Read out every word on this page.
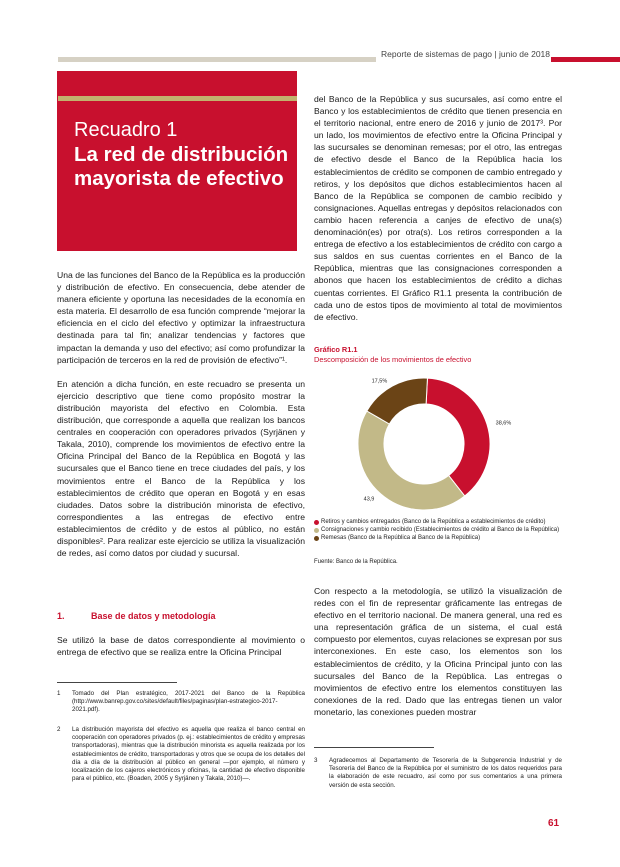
Reporte de sistemas de pago | junio de 2018
Recuadro 1
La red de distribución mayorista de efectivo

Una de las funciones del Banco de la República es la producción y distribución de efectivo. En consecuencia, debe atender de manera eficiente y oportuna las necesidades de la economía en esta materia. El desarrollo de esa función comprende “mejorar la eficiencia en el ciclo del efectivo y optimizar la infraestructura destinada para tal fin; analizar tendencias y factores que impactan la demanda y uso del efectivo; así como profundizar la participación de terceros en la red de provisión de efectivo”¹.

En atención a dicha función, en este recuadro se presenta un ejercicio descriptivo que tiene como propósito mostrar la distribución mayorista del efectivo en Colombia. Esta distribución, que corresponde a aquella que realizan los bancos centrales en cooperación con operadores privados (Syrjänen y Takala, 2010), comprende los movimientos de efectivo entre la Oficina Principal del Banco de la República en Bogotá y las sucursales que el Banco tiene en trece ciudades del país, y los movimientos entre el Banco de la República y los establecimientos de crédito que operan en Bogotá y en esas ciudades. Datos sobre la distribución minorista de efectivo, correspondientes a las entregas de efectivo entre establecimientos de crédito y de estos al público, no están disponibles². Para realizar este ejercicio se utiliza la visualización de redes, así como datos por ciudad y sucursal.

1.	Base de datos y metodología

Se utilizó la base de datos correspondiente al movimiento o entrega de efectivo que se realiza entre la Oficina Principal

del Banco de la República y sus sucursales, así como entre el Banco y los establecimientos de crédito que tienen presencia en el territorio nacional, entre enero de 2016 y junio de 2017³. Por un lado, los movimientos de efectivo entre la Oficina Principal y las sucursales se denominan remesas; por el otro, las entregas de efectivo desde el Banco de la República hacia los establecimientos de crédito se componen de cambio entregado y retiros, y los depósitos que dichos establecimientos hacen al Banco de la República se componen de cambio recibido y consignaciones. Aquellas entregas y depósitos relacionados con cambio hacen referencia a canjes de efectivo de una(s) denominación(es) por otra(s). Los retiros corresponden a la entrega de efectivo a los establecimientos de crédito con cargo a sus saldos en sus cuentas corrientes en el Banco de la República, mientras que las consignaciones corresponden a abonos que hacen los establecimientos de crédito a dichas cuentas corrientes. El Gráfico R1.1 presenta la contribución de cada uno de estos tipos de movimiento al total de movimientos de efectivo.

Gráfico R1.1
Descomposición de los movimientos de efectivo
38,6%
43,9
17,5%
Retiros y cambios entregados (Banco de la República a establecimientos de crédito)
Consignaciones y cambio recibido (Establecimientos de crédito al Banco de la República)
Remesas (Banco de la República al Banco de la República)
Fuente: Banco de la República.

Con respecto a la metodología, se utilizó la visualización de redes con el fin de representar gráficamente las entregas de efectivo en el territorio nacional. De manera general, una red es una representación gráfica de un sistema, el cual está compuesto por elementos, cuyas relaciones se expresan por sus interconexiones. En este caso, los elementos son los establecimientos de crédito, y la Oficina Principal junto con las sucursales del Banco de la República. Las entregas o movimientos de efectivo entre los elementos constituyen las conexiones de la red. Dado que las entregas tienen un valor monetario, las conexiones pueden mostrar

1 Tomado del Plan estratégico, 2017-2021 del Banco de la República (http://www.banrep.gov.co/sites/default/files/paginas/plan-estrategico-2017-2021.pdf).
2 La distribución mayorista del efectivo es aquella que realiza el banco central en cooperación con operadores privados (p. ej.: establecimientos de crédito y empresas transportadoras), mientras que la distribución minorista es aquella realizada por los establecimientos de crédito, transportadoras y otros que se ocupa de los detalles del día a día de la distribución al público en general —por ejemplo, el número y localización de los cajeros electrónicos y oficinas, la cantidad de efectivo disponible para el público, etc. (Boaden, 2005 y Syrjänen y Takala, 2010)—.
3 Agradecemos al Departamento de Tesorería de la Subgerencia Industrial y de Tesorería del Banco de la República por el suministro de los datos requeridos para la elaboración de este recuadro, así como por sus comentarios a una primera versión de esta sección.
61
